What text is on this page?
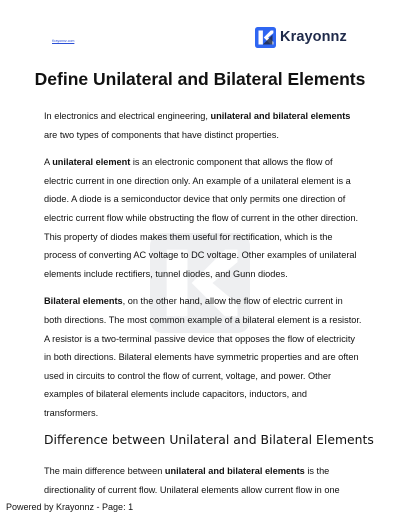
Krayonnz.com	Krayonnz
Define Unilateral and Bilateral Elements

In electronics and electrical engineering, unilateral and bilateral elements are two types of components that have distinct properties.

A unilateral element is an electronic component that allows the flow of electric current in one direction only. An example of a unilateral element is a diode. A diode is a semiconductor device that only permits one direction of electric current flow while obstructing the flow of current in the other direction. This property of diodes makes them useful for rectification, which is the process of converting AC voltage to DC voltage. Other examples of unilateral elements include rectifiers, tunnel diodes, and Gunn diodes.

Bilateral elements, on the other hand, allow the flow of electric current in both directions. The most common example of a bilateral element is a resistor. A resistor is a two-terminal passive device that opposes the flow of electricity in both directions. Bilateral elements have symmetric properties and are often used in circuits to control the flow of current, voltage, and power. Other examples of bilateral elements include capacitors, inductors, and transformers.

Difference between Unilateral and Bilateral Elements

The main difference between unilateral and bilateral elements is the directionality of current flow. Unilateral elements allow current flow in one

Powered by Krayonnz - Page: 1
